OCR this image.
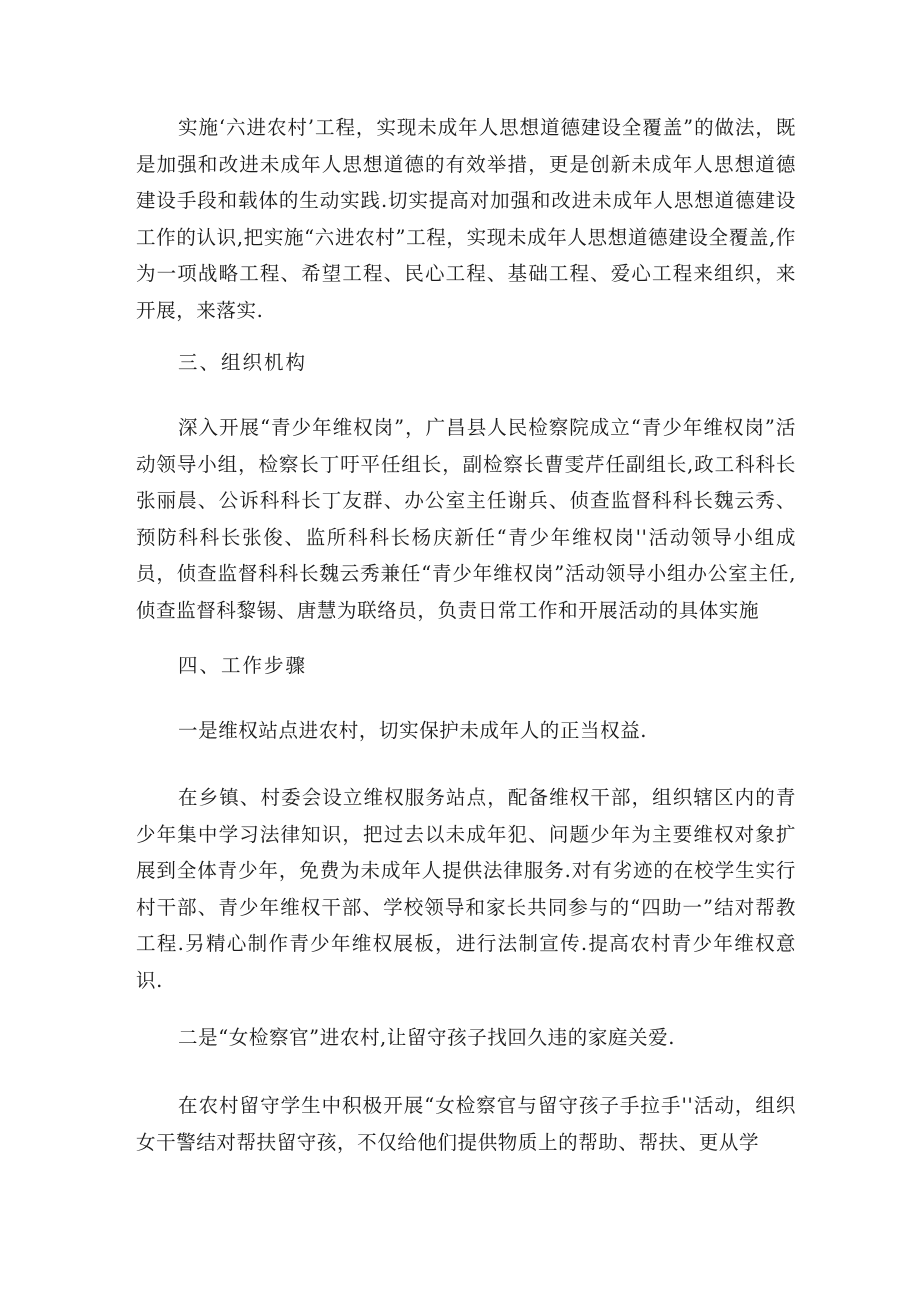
实施‘六进农村’工程，实现未成年人思想道德建设全覆盖”的做法，既是加强和改进未成年人思想道德的有效举措，更是创新未成年人思想道德建设手段和载体的生动实践.切实提高对加强和改进未成年人思想道德建设工作的认识,把实施“六进农村”工程，实现未成年人思想道德建设全覆盖,作为一项战略工程、希望工程、民心工程、基础工程、爱心工程来组织，来开展，来落实.

三、组织机构

深入开展“青少年维权岗”，广昌县人民检察院成立“青少年维权岗”活动领导小组，检察长丁吁平任组长，副检察长曹雯芹任副组长,政工科科长张丽晨、公诉科科长丁友群、办公室主任谢兵、侦查监督科科长魏云秀、预防科科长张俊、监所科科长杨庆新任“青少年维权岗''活动领导小组成员，侦查监督科科长魏云秀兼任“青少年维权岗”活动领导小组办公室主任,侦查监督科黎锡、唐慧为联络员，负责日常工作和开展活动的具体实施

四、工作步骤

一是维权站点进农村，切实保护未成年人的正当权益.

在乡镇、村委会设立维权服务站点，配备维权干部，组织辖区内的青少年集中学习法律知识，把过去以未成年犯、问题少年为主要维权对象扩展到全体青少年，免费为未成年人提供法律服务.对有劣迹的在校学生实行村干部、青少年维权干部、学校领导和家长共同参与的“四助一”结对帮教工程.另精心制作青少年维权展板，进行法制宣传.提高农村青少年维权意识.

二是“女检察官”进农村,让留守孩子找回久违的家庭关爱.

在农村留守学生中积极开展“女检察官与留守孩子手拉手''活动，组织女干警结对帮扶留守孩，不仅给他们提供物质上的帮助、帮扶、更从学
